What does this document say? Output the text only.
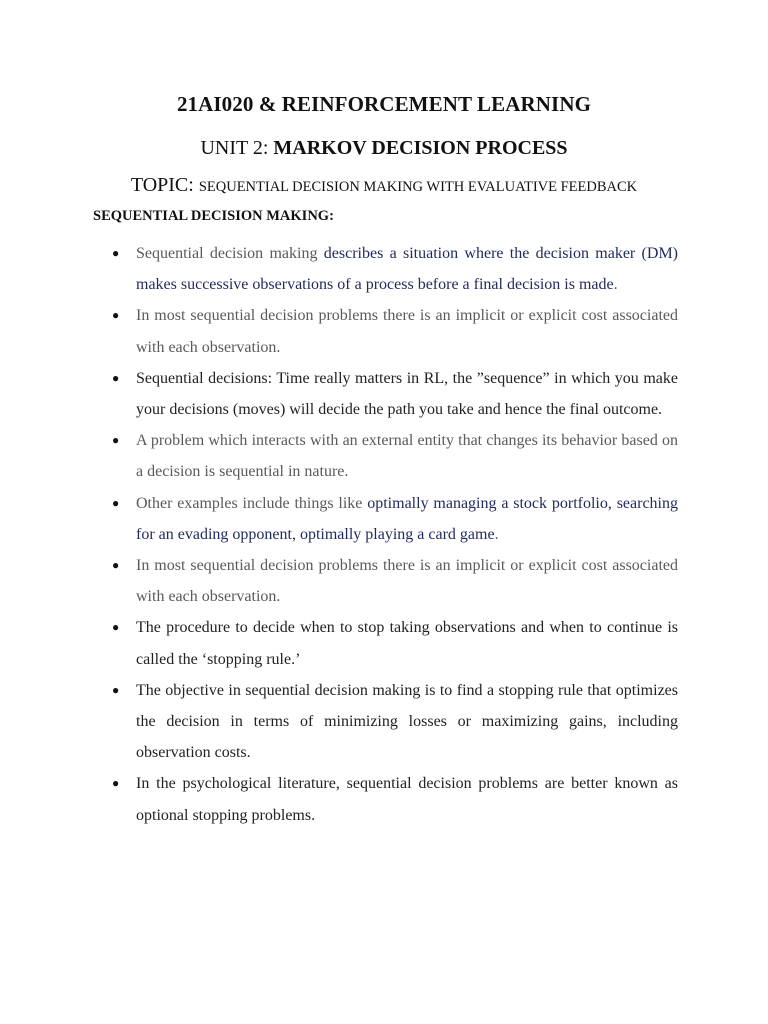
21AI020 & REINFORCEMENT LEARNING
UNIT 2: MARKOV DECISION PROCESS
TOPIC: SEQUENTIAL DECISION MAKING WITH EVALUATIVE FEEDBACK
SEQUENTIAL DECISION MAKING:
● Sequential decision making describes a situation where the decision maker (DM) makes successive observations of a process before a final decision is made.
● In most sequential decision problems there is an implicit or explicit cost associated with each observation.
● Sequential decisions: Time really matters in RL, the ”sequence” in which you make your decisions (moves) will decide the path you take and hence the final outcome.
● A problem which interacts with an external entity that changes its behavior based on a decision is sequential in nature.
● Other examples include things like optimally managing a stock portfolio, searching for an evading opponent, optimally playing a card game.
● In most sequential decision problems there is an implicit or explicit cost associated with each observation.
● The procedure to decide when to stop taking observations and when to continue is called the ‘stopping rule.’
● The objective in sequential decision making is to find a stopping rule that optimizes the decision in terms of minimizing losses or maximizing gains, including observation costs.
● In the psychological literature, sequential decision problems are better known as optional stopping problems.
